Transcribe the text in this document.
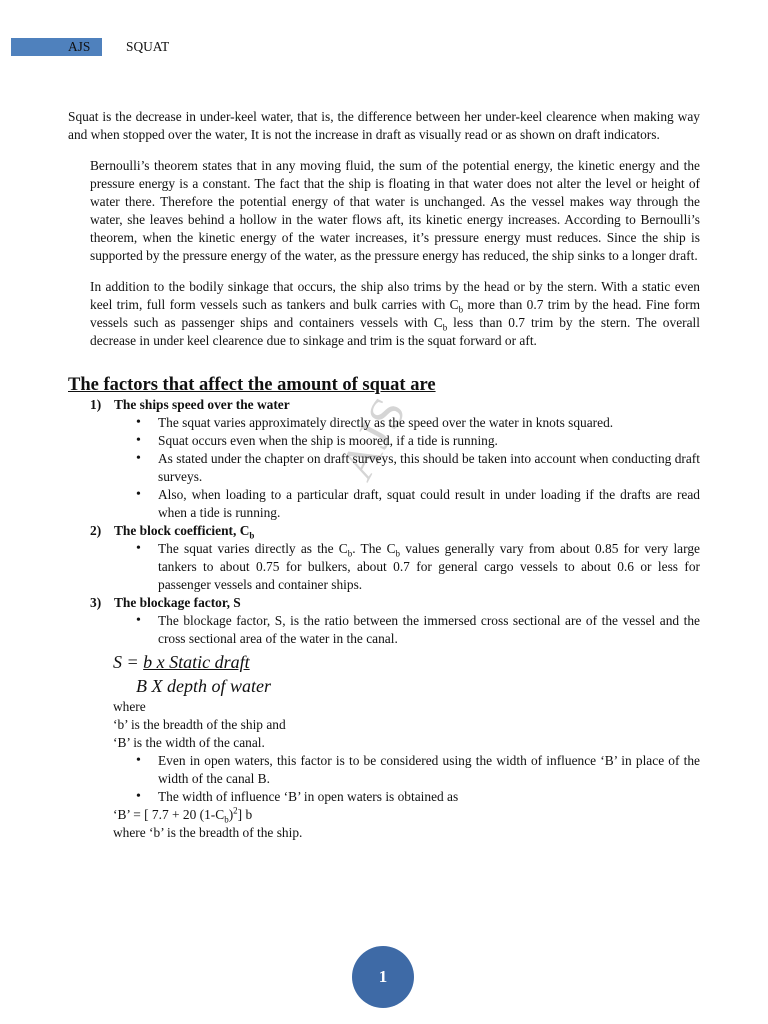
AJS	SQUAT
AJS

Squat is the decrease in under-keel water, that is, the difference between her under-keel clearence when making way and when stopped over the water, It is not the increase in draft as visually read or as shown on draft indicators.

Bernoulli’s theorem states that in any moving fluid, the sum of the potential energy, the kinetic energy and the pressure energy is a constant. The fact that the ship is floating in that water does not alter the level or height of water there. Therefore the potential energy of that water is unchanged. As the vessel makes way through the water, she leaves behind a hollow in the water flows aft, its kinetic energy increases. According to Bernoulli’s theorem, when the kinetic energy of the water increases, it’s pressure energy must reduces. Since the ship is supported by the pressure energy of the water, as the pressure energy has reduced, the ship sinks to a longer draft.

In addition to the bodily sinkage that occurs, the ship also trims by the head or by the stern. With a static even keel trim, full form vessels such as tankers and bulk carries with $C_b$ more than 0.7 trim by the head. Fine form vessels such as passenger ships and containers vessels with $C_b$ less than 0.7 trim by the stern. The overall decrease in under keel clearence due to sinkage and trim is the squat forward or aft.

The factors that affect the amount of squat are
1) The ships speed over the water
• The squat varies approximately directly as the speed over the water in knots squared.
• Squat occurs even when the ship is moored, if a tide is running.
• As stated under the chapter on draft surveys, this should be taken into account when conducting draft surveys.
• Also, when loading to a particular draft, squat could result in under loading if the drafts are read when a tide is running.
2) The block coefficient, $C_b$
• The squat varies directly as the $C_b$. The $C_b$ values generally vary from about 0.85 for very large tankers to about 0.75 for bulkers, about 0.7 for general cargo vessels to about 0.6 or less for passenger vessels and container ships.
3) The blockage factor, S
• The blockage factor, S, is the ratio between the immersed cross sectional are of the vessel and the cross sectional area of the water in the canal.
S = b x Static draft
B X depth of water
where
‘b’ is the breadth of the ship and
‘B’ is the width of the canal.
• Even in open waters, this factor is to be considered using the width of influence ‘B’ in place of the width of the canal B.
• The width of influence ‘B’ in open waters is obtained as
‘B’ = [ 7.7 + 20 $(1-C_b)^2$] b
where ‘b’ is the breadth of the ship.
1
